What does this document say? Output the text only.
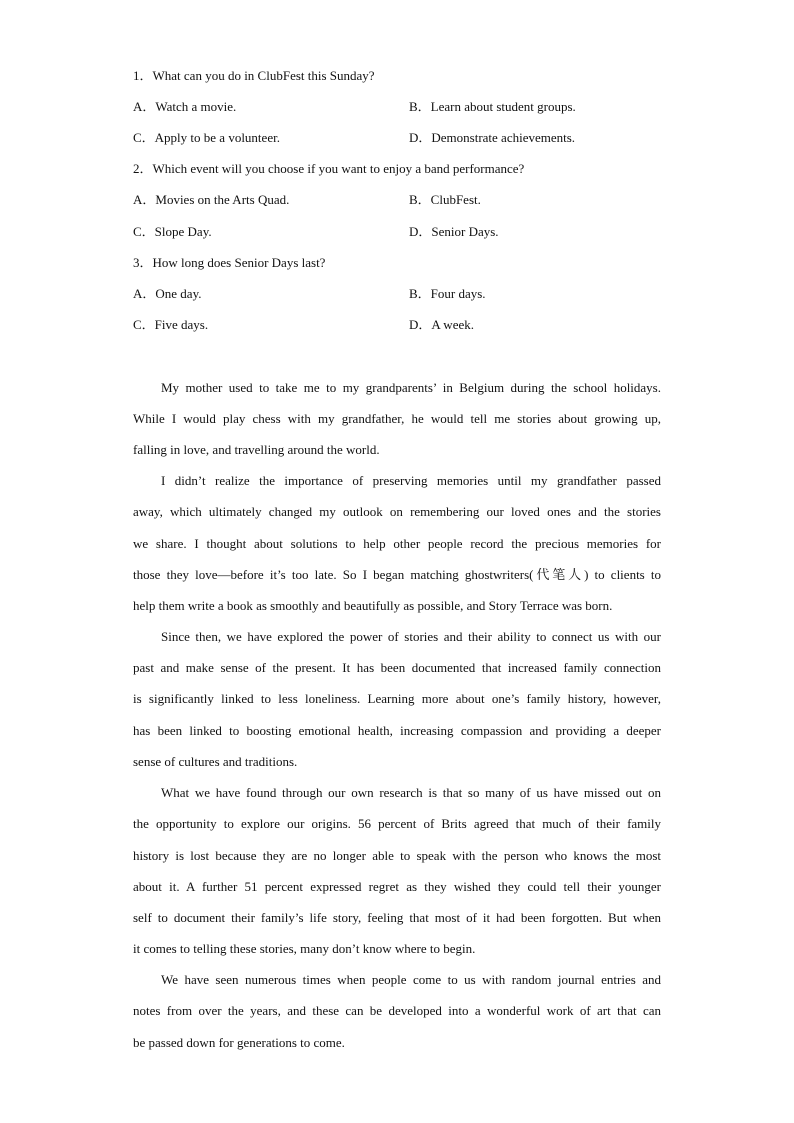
1．What can you do in ClubFest this Sunday?
A．Watch a movie.	B．Learn about student groups.
C．Apply to be a volunteer.	D．Demonstrate achievements.
2．Which event will you choose if you want to enjoy a band performance?
A．Movies on the Arts Quad.	B．ClubFest.
C．Slope Day.	D．Senior Days.
3．How long does Senior Days last?
A．One day.	B．Four days.
C．Five days.	D．A week.
My mother used to take me to my grandparents’ in Belgium during the school holidays.
While I would play chess with my grandfather, he would tell me stories about growing up,
falling in love, and travelling around the world.
I didn’t realize the importance of preserving memories until my grandfather passed
away, which ultimately changed my outlook on remembering our loved ones and the stories
we share. I thought about solutions to help other people record the precious memories for
those they love—before it’s too late. So I began matching ghostwriters(代笔人) to clients to
help them write a book as smoothly and beautifully as possible, and Story Terrace was born.
Since then, we have explored the power of stories and their ability to connect us with our
past and make sense of the present. It has been documented that increased family connection
is significantly linked to less loneliness. Learning more about one’s family history, however,
has been linked to boosting emotional health, increasing compassion and providing a deeper
sense of cultures and traditions.
What we have found through our own research is that so many of us have missed out on
the opportunity to explore our origins. 56 percent of Brits agreed that much of their family
history is lost because they are no longer able to speak with the person who knows the most
about it. A further 51 percent expressed regret as they wished they could tell their younger
self to document their family’s life story, feeling that most of it had been forgotten. But when
it comes to telling these stories, many don’t know where to begin.
We have seen numerous times when people come to us with random journal entries and
notes from over the years, and these can be developed into a wonderful work of art that can
be passed down for generations to come.
